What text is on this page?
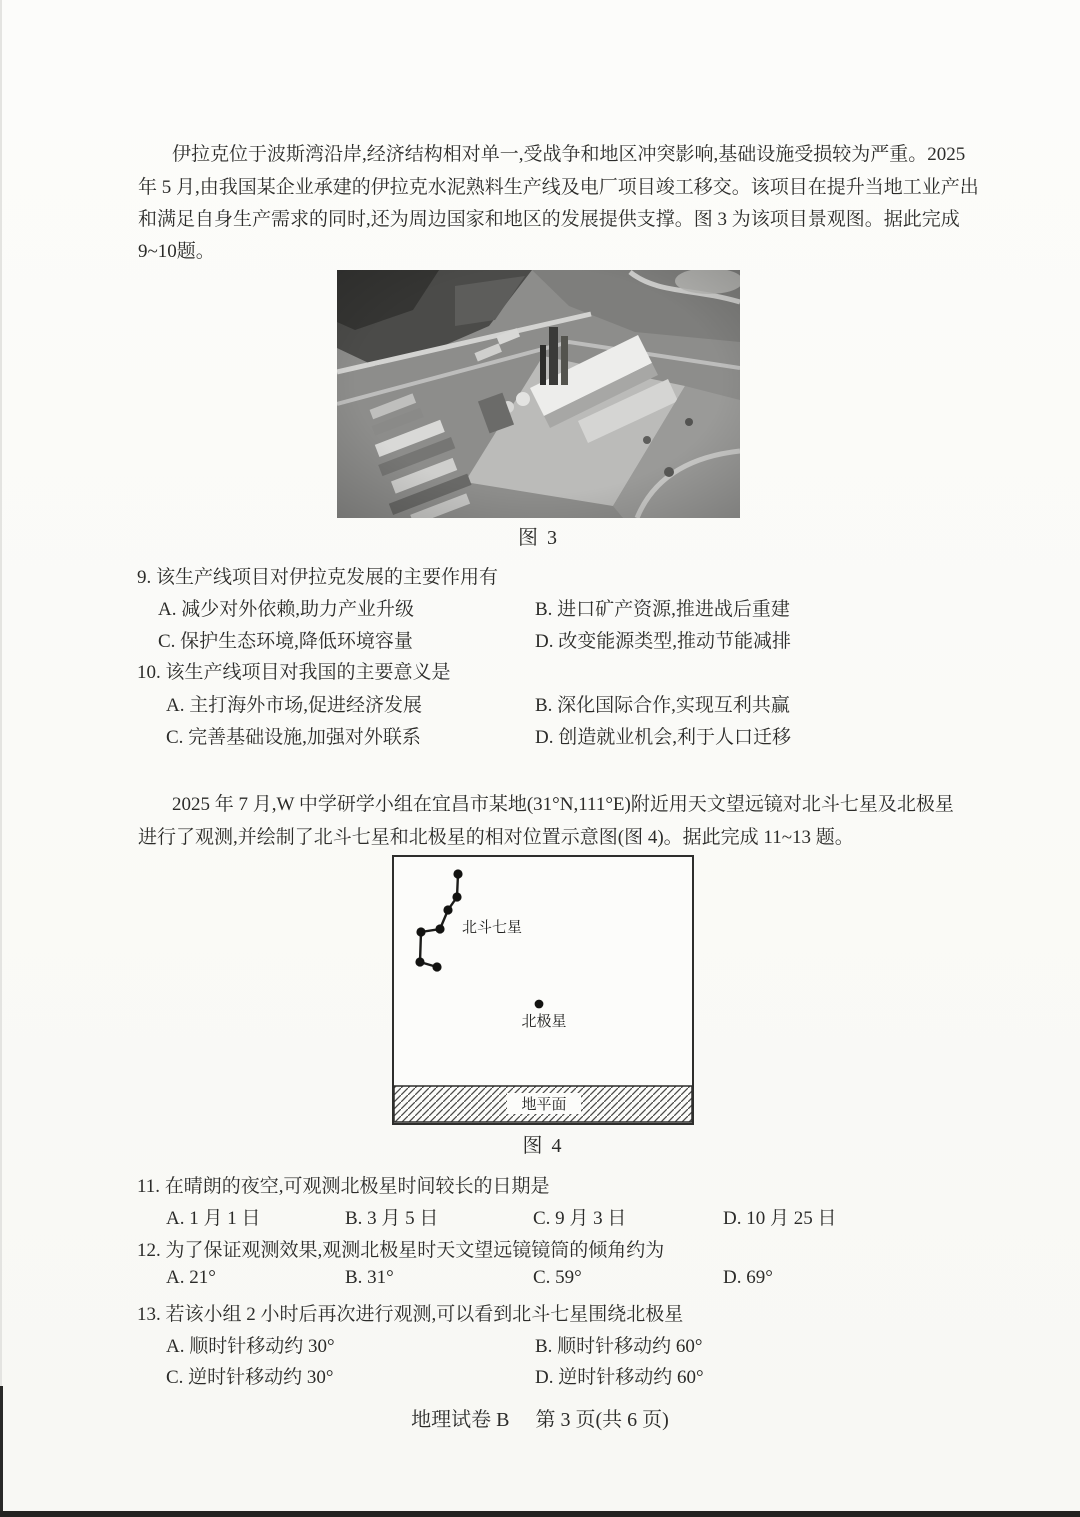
伊拉克位于波斯湾沿岸,经济结构相对单一,受战争和地区冲突影响,基础设施受损较为严重。2025
年 5 月,由我国某企业承建的伊拉克水泥熟料生产线及电厂项目竣工移交。该项目在提升当地工业产出
和满足自身生产需求的同时,还为周边国家和地区的发展提供支撑。图 3 为该项目景观图。据此完成
9~10题。
图 3
9. 该生产线项目对伊拉克发展的主要作用有
A. 减少对外依赖,助力产业升级	B. 进口矿产资源,推进战后重建
C. 保护生态环境,降低环境容量	D. 改变能源类型,推动节能减排
10. 该生产线项目对我国的主要意义是
A. 主打海外市场,促进经济发展	B. 深化国际合作,实现互利共赢
C. 完善基础设施,加强对外联系	D. 创造就业机会,利于人口迁移
2025 年 7 月,W 中学研学小组在宜昌市某地(31°N,111°E)附近用天文望远镜对北斗七星及北极星
进行了观测,并绘制了北斗七星和北极星的相对位置示意图(图 4)。据此完成 11~13 题。
北斗七星
北极星
地平面
图 4
11. 在晴朗的夜空,可观测北极星时间较长的日期是
A. 1 月 1 日	B. 3 月 5 日	C. 9 月 3 日	D. 10 月 25 日
12. 为了保证观测效果,观测北极星时天文望远镜镜筒的倾角约为
A. 21°	B. 31°	C. 59°	D. 69°
13. 若该小组 2 小时后再次进行观测,可以看到北斗七星围绕北极星
A. 顺时针移动约 30°	B. 顺时针移动约 60°
C. 逆时针移动约 30°	D. 逆时针移动约 60°
地理试卷 B 第 3 页(共 6 页)
